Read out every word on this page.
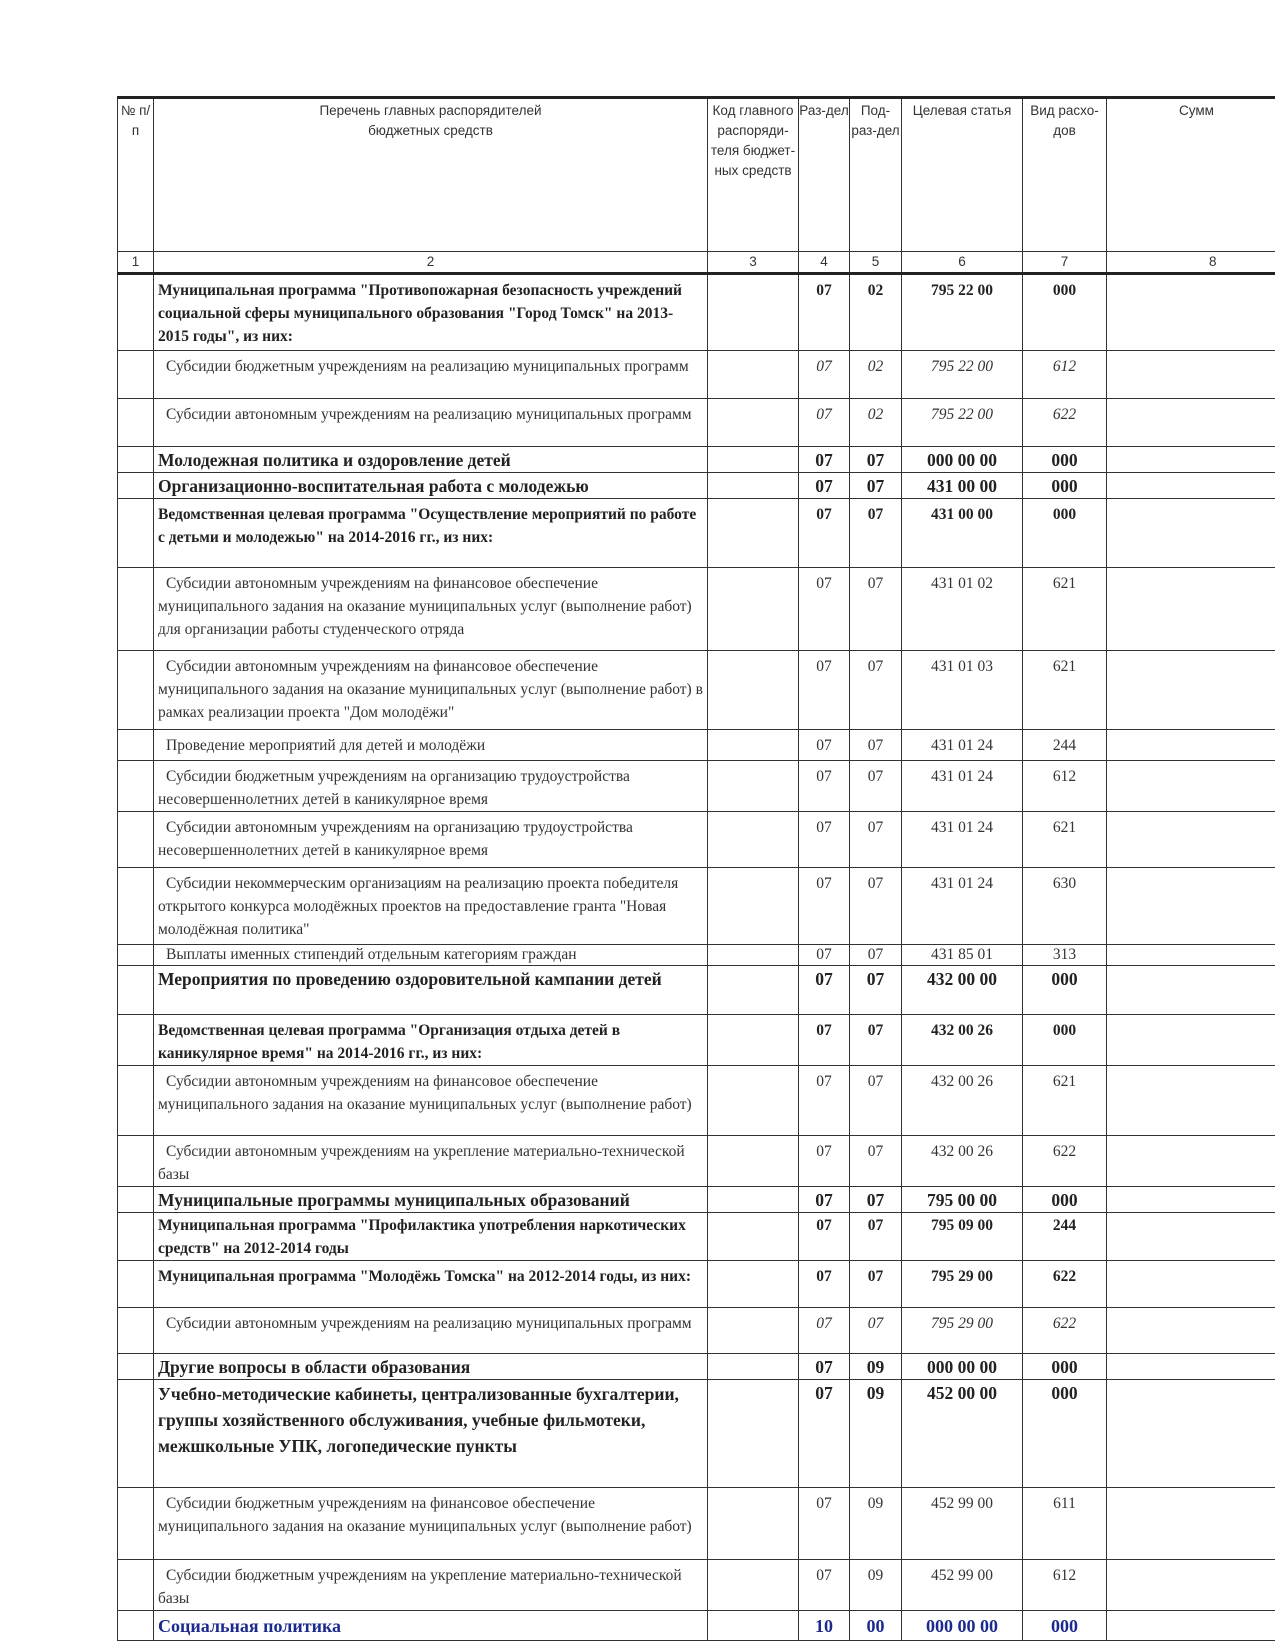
№ п/п	Перечень главных распорядителей бюджетных средств	Код главного распоряди-теля бюджет-ных средств	Раз-дел	Под-раз-дел	Целевая статья	Вид расхо-дов	Сумм
1	2	3	4	5	6	7	8
	Муниципальная программа "Противопожарная безопасность учреждений социальной сферы муниципального образования "Город Томск" на 2013-2015 годы", из них:		07	02	795 22 00	000	
	Субсидии бюджетным учреждениям на реализацию муниципальных программ		07	02	795 22 00	612	
	Субсидии автономным учреждениям на реализацию муниципальных программ		07	02	795 22 00	622	
	Молодежная политика и оздоровление детей		07	07	000 00 00	000	
	Организационно-воспитательная работа с молодежью		07	07	431 00 00	000	
	Ведомственная целевая программа "Осуществление мероприятий по работе с детьми и молодежью" на 2014-2016 гг., из них:		07	07	431 00 00	000	
	Субсидии автономным учреждениям на финансовое обеспечение муниципального задания на оказание муниципальных услуг (выполнение работ) для организации работы студенческого отряда		07	07	431 01 02	621	
	Субсидии автономным учреждениям на финансовое обеспечение муниципального задания на оказание муниципальных услуг (выполнение работ) в рамках реализации проекта "Дом молодёжи"		07	07	431 01 03	621	
	Проведение мероприятий для детей и молодёжи		07	07	431 01 24	244	
	Субсидии бюджетным учреждениям на организацию трудоустройства несовершеннолетних детей в каникулярное время		07	07	431 01 24	612	
	Субсидии автономным учреждениям на организацию трудоустройства несовершеннолетних детей в каникулярное время		07	07	431 01 24	621	
	Субсидии некоммерческим организациям на реализацию проекта победителя открытого конкурса молодёжных проектов на предоставление гранта "Новая молодёжная политика"		07	07	431 01 24	630	
	Выплаты именных стипендий отдельным категориям граждан		07	07	431 85 01	313	
	Мероприятия по проведению оздоровительной кампании детей		07	07	432 00 00	000	
	Ведомственная целевая программа "Организация отдыха детей в каникулярное время" на 2014-2016 гг., из них:		07	07	432 00 26	000	
	Субсидии автономным учреждениям на финансовое обеспечение муниципального задания на оказание муниципальных услуг (выполнение работ)		07	07	432 00 26	621	
	Субсидии автономным учреждениям на укрепление материально-технической базы		07	07	432 00 26	622	
	Муниципальные программы муниципальных образований		07	07	795 00 00	000	
	Муниципальная программа "Профилактика употребления наркотических средств" на 2012-2014 годы		07	07	795 09 00	244	
	Муниципальная программа "Молодёжь Томска" на 2012-2014 годы, из них:		07	07	795 29 00	622	
	Субсидии автономным учреждениям на реализацию муниципальных программ		07	07	795 29 00	622	
	Другие вопросы в области образования		07	09	000 00 00	000	
	Учебно-методические кабинеты, централизованные бухгалтерии, группы хозяйственного обслуживания, учебные фильмотеки, межшкольные УПК, логопедические пункты		07	09	452 00 00	000	
	Субсидии бюджетным учреждениям на финансовое обеспечение муниципального задания на оказание муниципальных услуг (выполнение работ)		07	09	452 99 00	611	
	Субсидии бюджетным учреждениям на укрепление материально-технической базы		07	09	452 99 00	612	
	Социальная политика		10	00	000 00 00	000	
